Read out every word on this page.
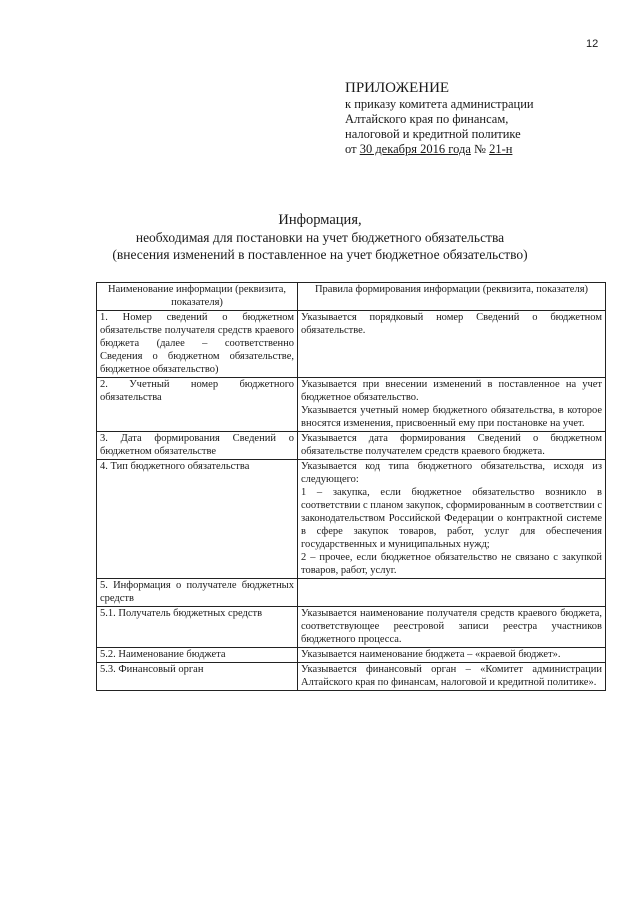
12
ПРИЛОЖЕНИЕ
к приказу комитета администрации
Алтайского края по финансам,
налоговой и кредитной политике
от 30 декабря 2016 года № 21-н
Информация,
необходимая для постановки на учет бюджетного обязательства
(внесения изменений в поставленное на учет бюджетное обязательство)
Наименование информации (реквизита, показателя)	Правила формирования информации (реквизита, показателя)
1. Номер сведений о бюджетном обязательстве получателя средств краевого бюджета (далее – соответственно Сведения о бюджетном обязательстве, бюджетное обязательство)	Указывается порядковый номер Сведений о бюджетном обязательстве.

2. Учетный номер бюджетного обязательства	Указывается при внесении изменений в поставленное на учет бюджетное обязательство.
Указывается учетный номер бюджетного обязательства, в которое вносятся изменения, присвоенный ему при постановке на учет.

3. Дата формирования Сведений о бюджетном обязательстве	Указывается дата формирования Сведений о бюджетном обязательстве получателем средств краевого бюджета.

4. Тип бюджетного обязательства	Указывается код типа бюджетного обязательства, исходя из следующего:
1 – закупка, если бюджетное обязательство возникло в соответствии с планом закупок, сформированным в соответствии с законодательством Российской Федерации о контрактной системе в сфере закупок товаров, работ, услуг для обеспечения государственных и муниципальных нужд;
2 – прочее, если бюджетное обязательство не связано с закупкой товаров, работ, услуг.

5. Информация о получателе бюджетных средств	

5.1. Получатель бюджетных средств	Указывается наименование получателя средств краевого бюджета, соответствующее реестровой записи реестра участников бюджетного процесса.

5.2. Наименование бюджета	Указывается наименование бюджета – «краевой бюджет».

5.3. Финансовый орган	Указывается финансовый орган – «Комитет администрации Алтайского края по финансам, налоговой и кредитной политике».
